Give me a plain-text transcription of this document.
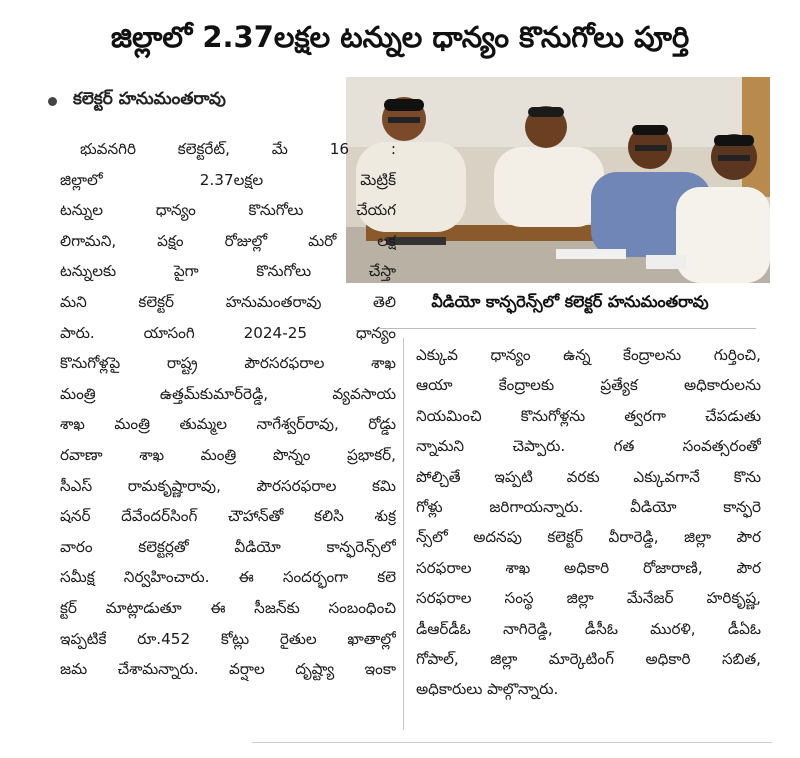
జిల్లాలో 2.37లక్షల టన్నుల ధాన్యం కొనుగోలు పూర్తి
కలెక్టర్ హనుమంతరావు
వీడియో కాన్ఫరెన్స్‌లో కలెక్టర్ హనుమంతరావు
భువనగిరి కలెక్టరేట్, మే 16 :
జిల్లాలో 2.37లక్షల మెట్రిక్
టన్నుల ధాన్యం కొనుగోలు చేయగ
లిగామని, పక్షం రోజుల్లో మరో లక్ష
టన్నులకు పైగా కొనుగోలు చేస్తా
మని కలెక్టర్ హనుమంతరావు తెలి
పారు. యాసంగి 2024-25 ధాన్యం
కొనుగోళ్లపై రాష్ట్ర పౌరసరఫరాల శాఖ
మంత్రి ఉత్తమ్‌కుమార్‌రెడ్డి, వ్యవసాయ
శాఖ మంత్రి తుమ్మల నాగేశ్వర్‌రావు, రోడ్డు
రవాణా శాఖ మంత్రి పొన్నం ప్రభాకర్,
సీఎస్ రామకృష్ణారావు, పౌరసరఫరాల కమి
షనర్ దేవేందర్‌సింగ్ చౌహాన్‌తో కలిసి శుక్ర
వారం కలెక్టర్లతో వీడియో కాన్ఫరెన్స్‌లో
సమీక్ష నిర్వహించారు. ఈ సందర్భంగా కలె
క్టర్ మాట్లాడుతూ ఈ సీజన్‌కు సంబంధించి
ఇప్పటికే రూ.452 కోట్లు రైతుల ఖాతాల్లో
జమ చేశామన్నారు. వర్షాల దృష్ట్యా ఇంకా
ఎక్కువ ధాన్యం ఉన్న కేంద్రాలను గుర్తించి,
ఆయా కేంద్రాలకు ప్రత్యేక అధికారులను
నియమించి కొనుగోళ్లను త్వరగా చేపడుతు
న్నామని చెప్పారు. గత సంవత్సరంతో
పోల్చితే ఇప్పటి వరకు ఎక్కువగానే కొను
గోళ్లు జరిగాయన్నారు. వీడియో కాన్ఫరె
న్స్‌లో అదనపు కలెక్టర్ వీరారెడ్డి, జిల్లా పౌర
సరఫరాల శాఖ అధికారి రోజారాణి, పౌర
సరఫరాల సంస్థ జిల్లా మేనేజర్ హరికృష్ణ,
డీఆర్‌డీఓ నాగిరెడ్డి, డీసీఓ మురళి, డీఏఓ
గోపాల్, జిల్లా మార్కెటింగ్ అధికారి సబిత,
అధికారులు పాల్గొన్నారు.
